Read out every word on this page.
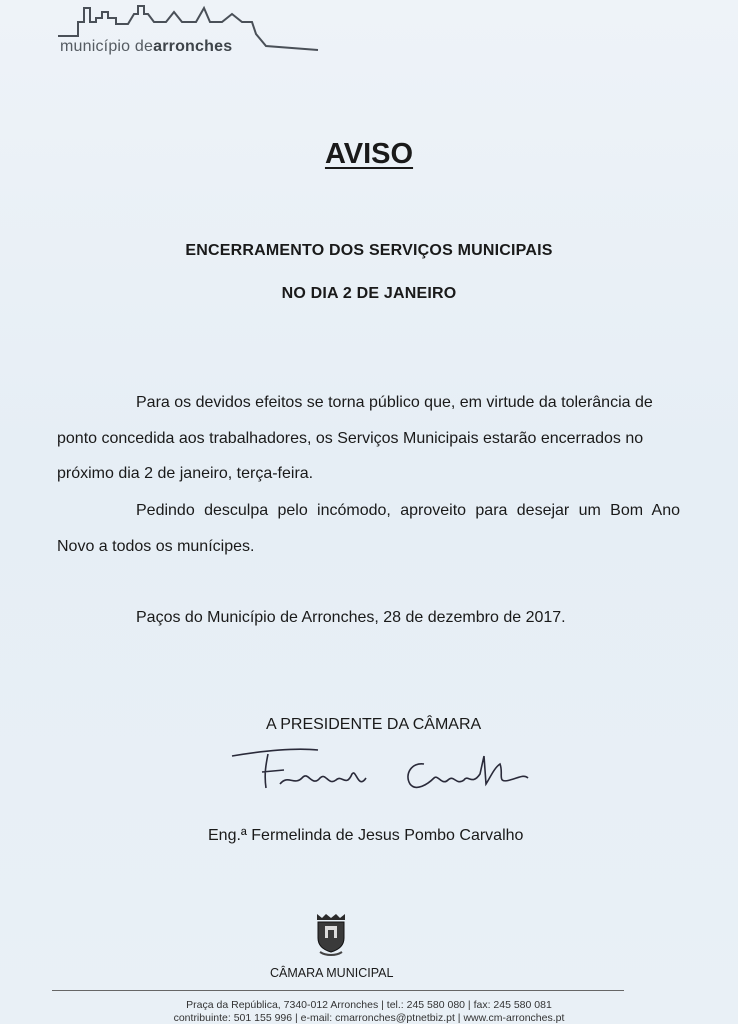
município dearronches
AVISO
ENCERRAMENTO DOS SERVIÇOS MUNICIPAIS
NO DIA 2 DE JANEIRO
Para os devidos efeitos se torna público que, em virtude da tolerância de
ponto concedida aos trabalhadores, os Serviços Municipais estarão encerrados no
próximo dia 2 de janeiro, terça-feira.
Pedindo desculpa pelo incómodo, aproveito para desejar um Bom Ano
Novo a todos os munícipes.
Paços do Município de Arronches, 28 de dezembro de 2017.
A PRESIDENTE DA CÂMARA
Eng.ª Fermelinda de Jesus Pombo Carvalho
CÂMARA MUNICIPAL
Praça da República, 7340-012 Arronches | tel.: 245 580 080 | fax: 245 580 081
contribuinte: 501 155 996 | e-mail: cmarronches@ptnetbiz.pt | www.cm-arronches.pt
